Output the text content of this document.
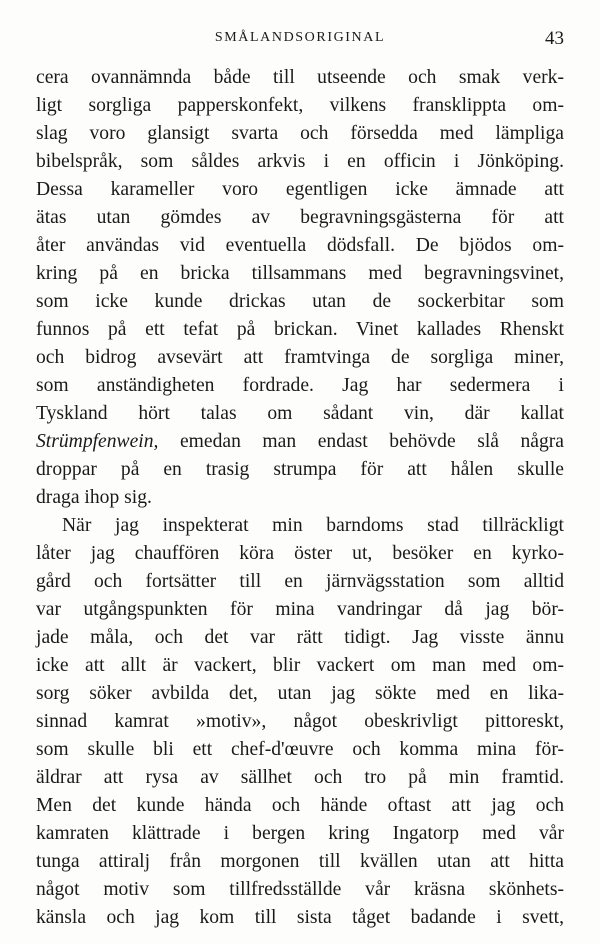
SMÅLANDSORIGINAL	43
cera ovannämnda både till utseende och smak verk-
ligt sorgliga papperskonfekt, vilkens fransklippta om-
slag voro glansigt svarta och försedda med lämpliga
bibelspråk, som såldes arkvis i en officin i Jönköping.
Dessa karameller voro egentligen icke ämnade att
ätas utan gömdes av begravningsgästerna för att
åter användas vid eventuella dödsfall. De bjödos om-
kring på en bricka tillsammans med begravningsvinet,
som icke kunde drickas utan de sockerbitar som
funnos på ett tefat på brickan. Vinet kallades Rhenskt
och bidrog avsevärt att framtvinga de sorgliga miner,
som anständigheten fordrade. Jag har sedermera i
Tyskland hört talas om sådant vin, där kallat
Strümpfenwein, emedan man endast behövde slå några
droppar på en trasig strumpa för att hålen skulle
draga ihop sig.
När jag inspekterat min barndoms stad tillräckligt
låter jag chauffören köra öster ut, besöker en kyrko-
gård och fortsätter till en järnvägsstation som alltid
var utgångspunkten för mina vandringar då jag bör-
jade måla, och det var rätt tidigt. Jag visste ännu
icke att allt är vackert, blir vackert om man med om-
sorg söker avbilda det, utan jag sökte med en lika-
sinnad kamrat »motiv», något obeskrivligt pittoreskt,
som skulle bli ett chef-d'œuvre och komma mina för-
äldrar att rysa av sällhet och tro på min framtid.
Men det kunde hända och hände oftast att jag och
kamraten klättrade i bergen kring Ingatorp med vår
tunga attiralj från morgonen till kvällen utan att hitta
något motiv som tillfredsställde vår kräsna skönhets-
känsla och jag kom till sista tåget badande i svett,
